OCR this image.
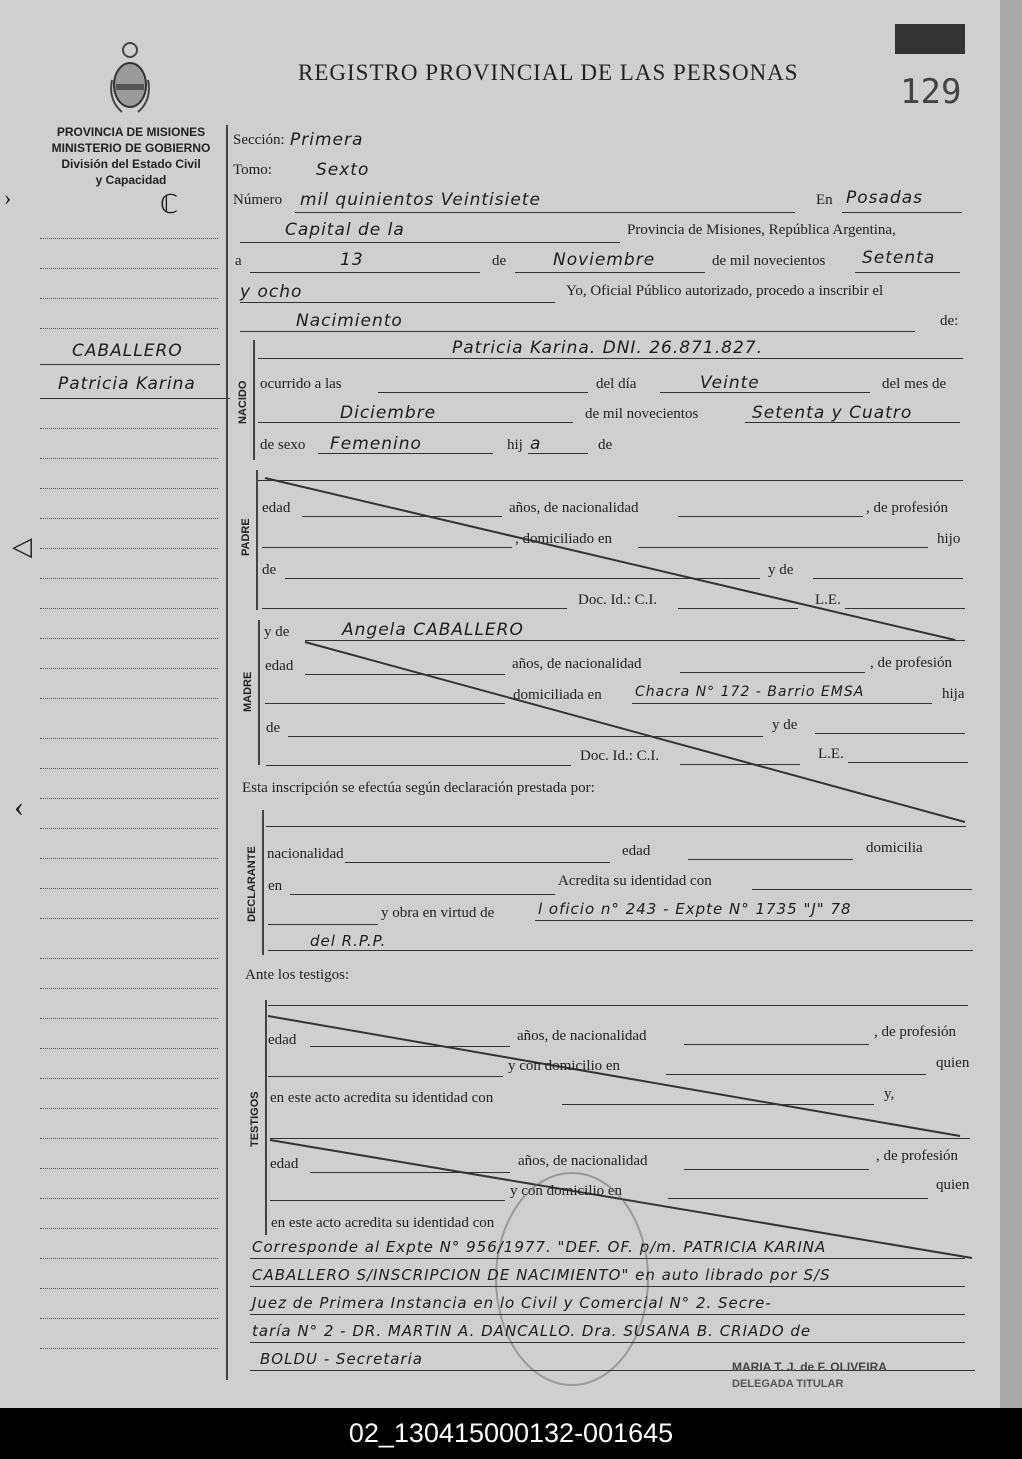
PROVINCIA DE MISIONES
MINISTERIO DE GOBIERNO
División del Estado Civil
y Capacidad
ℂ
REGISTRO PROVINCIAL DE LAS PERSONAS	129
CABALLERO
Patricia Karina
Sección: Primera
Tomo:	Sexto
Número mil quinientos Veintisiete	En Posadas
Capital de la	Provincia de Misiones, República Argentina,
a	13	de	Noviembre	de mil novecientos Setenta
y ocho	Yo, Oficial Público autorizado, procedo a inscribir el
Nacimiento	de:
NACIDO
Patricia Karina. DNI. 26.871.827.
ocurrido a las	del día	Veinte	del mes de
Diciembre	de mil novecientos	Setenta y Cuatro
de sexo Femenino	hij a	de
PADRE
edad	años, de nacionalidad	, de profesión
, domiciliado en	hijo
de	y de
Doc. Id.: C.I.	L.E.
MADRE
y de	Angela CABALLERO
edad	años, de nacionalidad	, de profesión
domiciliada en Chacra N° 172 - Barrio EMSA	hija
de	y de
Doc. Id.: C.I.	L.E.
Esta inscripción se efectúa según declaración prestada por:
DECLARANTE nacionalidad	edad	domicilia
en	Acredita su identidad con
y obra en virtud de	l oficio n° 243 - Expte N° 1735 "J" 78
del R.P.P.
Ante los testigos:
TESTIGOS
edad	años, de nacionalidad	, de profesión
y con domicilio en	quien
en este acto acredita su identidad con	y,
edad	años, de nacionalidad	, de profesión
y con domicilio en	quien
en este acto acredita su identidad con
Corresponde al Expte N° 956/1977. "DEF. OF. p/m. PATRICIA KARINA
CABALLERO S/INSCRIPCION DE NACIMIENTO" en auto librado por S/S
Juez de Primera Instancia en lo Civil y Comercial N° 2. Secre-
taría N° 2 - DR. MARTIN A. DANCALLO. Dra. SUSANA B. CRIADO de
BOLDU - Secretaria	MARIA T. J. de F. OLIVEIRA
DELEGADA TITULAR
›
◁
‹
02_130415000132-001645
